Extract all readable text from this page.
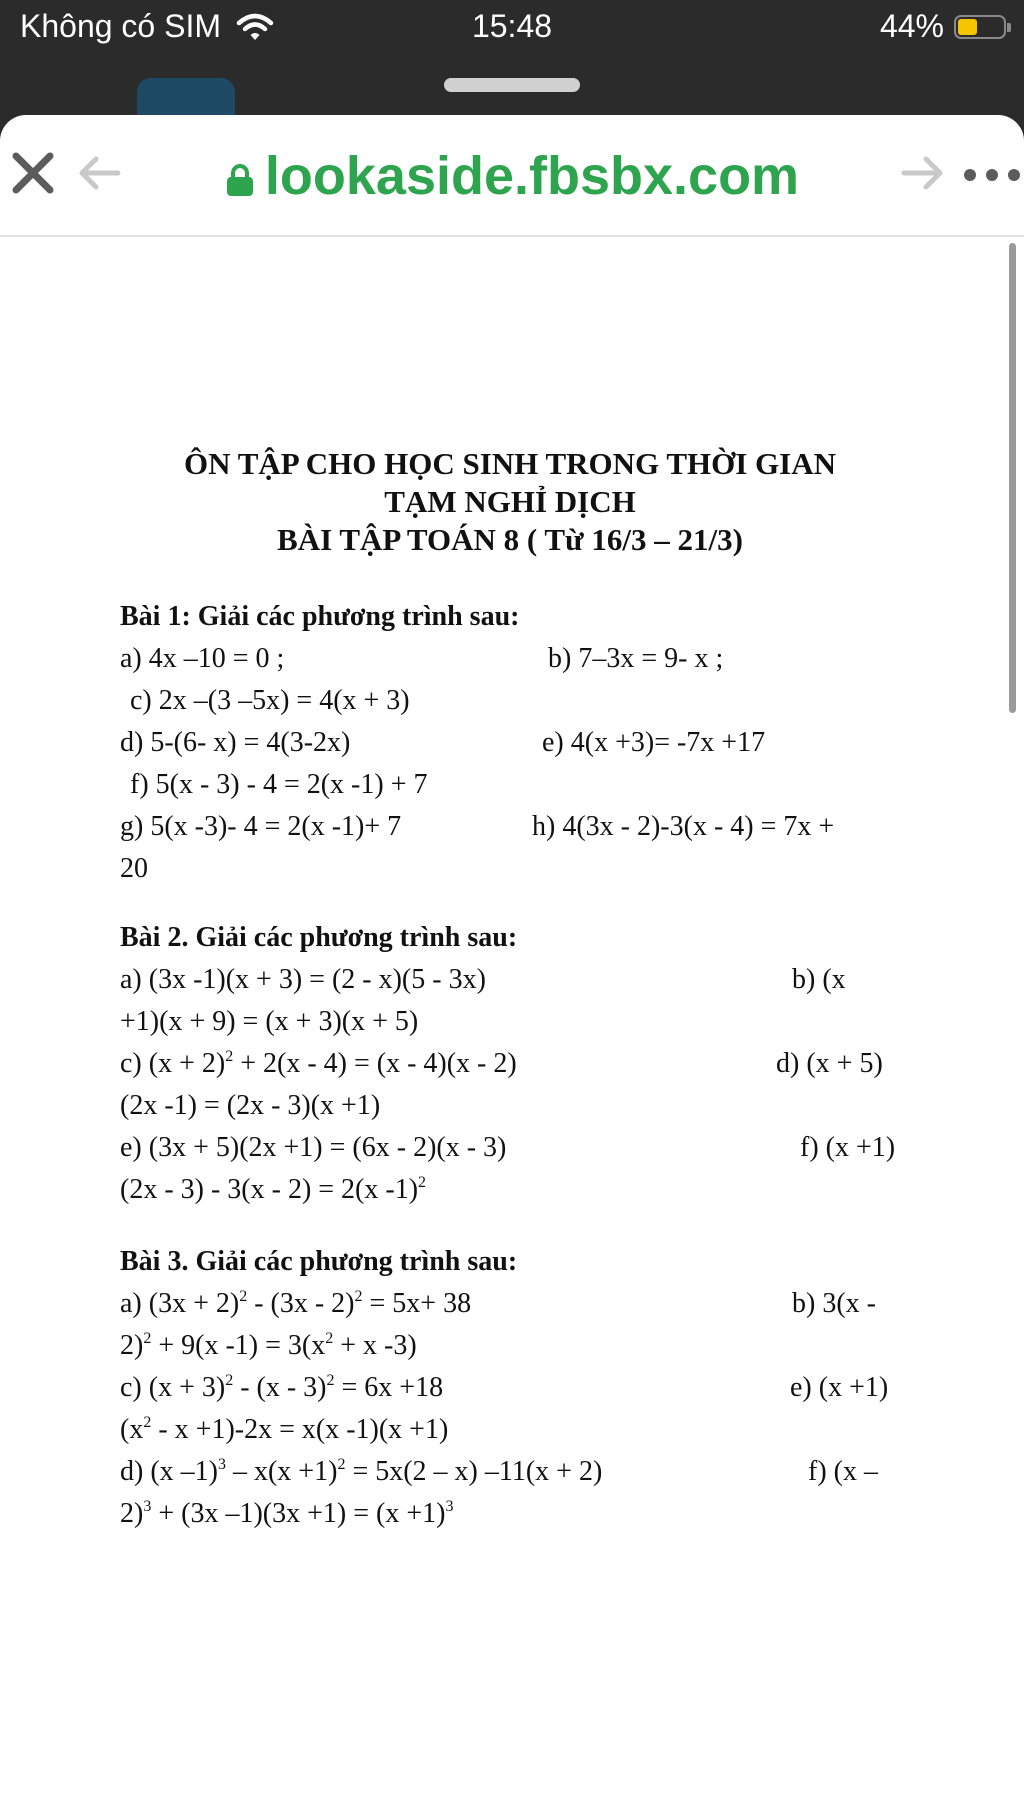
Không có SIM	15:48	44%
lookaside.fbsbx.com
ÔN TẬP CHO HỌC SINH TRONG THỜI GIAN
TẠM NGHỈ DỊCH
BÀI TẬP TOÁN 8 ( Từ 16/3 – 21/3)
Bài 1: Giải các phương trình sau:
a) 4x –10 = 0 ;	b) 7–3x = 9- x ;
c) 2x –(3 –5x) = 4(x + 3)
d) 5-(6- x) = 4(3-2x)	e) 4(x +3)= -7x +17
f) 5(x - 3) - 4 = 2(x -1) + 7
g) 5(x -3)- 4 = 2(x -1)+ 7	h) 4(3x - 2)-3(x - 4) = 7x +
20
Bài 2. Giải các phương trình sau:
a) (3x -1)(x + 3) = (2 - x)(5 - 3x)	b) (x
+1)(x + 9) = (x + 3)(x + 5)
c) $(x + 2)^2 + 2(x - 4) = (x - 4)(x - 2)$	d) (x + 5)
(2x -1) = (2x - 3)(x +1)
e) (3x + 5)(2x +1) = (6x - 2)(x - 3)	f) (x +1)
(2x - 3) - 3(x - 2) = 2(x -1)$^2$
Bài 3. Giải các phương trình sau:
a) $(3x + 2)^2 - (3x - 2)^2 = 5x+ 38$	b) 3(x -
2)$^2$ + 9(x $-1) = 3(x^2 + x$ -3)
c) $(x + 3)^2 - (x - 3)^2 = 6x +18$	e) (x +1)
$(x^2 - x +1)-2x = x(x$ -1)(x +1)
d) (x $-1)^3 - x(x +1)^2 = 5x(2 - x)$ –11(x + 2)	f) (x –
2)$^3$ + (3x $-1)(3x +1) = (x +1)^3$
